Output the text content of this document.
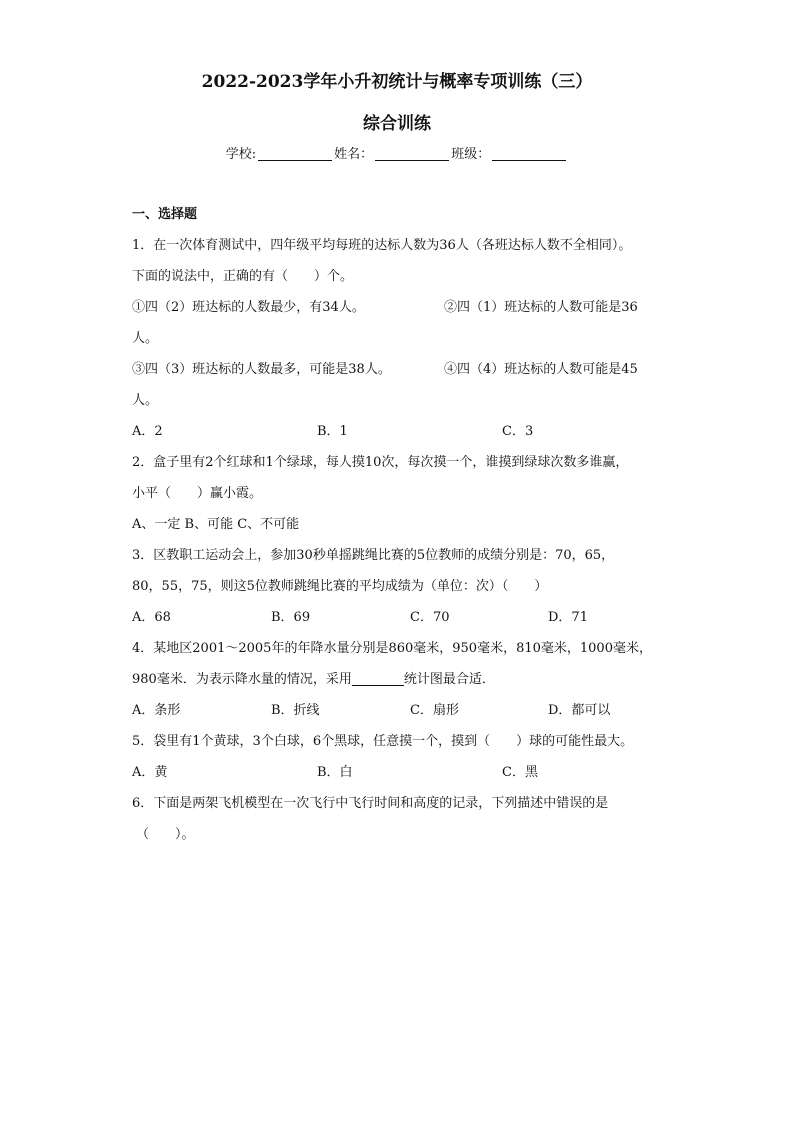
2022-2023学年小升初统计与概率专项训练（三）
综合训练
学校:	姓名：	班级：
一、选择题
1．在一次体育测试中，四年级平均每班的达标人数为36人（各班达标人数不全相同）。
下面的说法中，正确的有（　　）个。
①四（2）班达标的人数最少，有34人。	②四（1）班达标的人数可能是36
人。
③四（3）班达标的人数最多，可能是38人。	④四（4）班达标的人数可能是45
人。
A．2	B．1	C．3
2．盒子里有2个红球和1个绿球，每人摸10次，每次摸一个，谁摸到绿球次数多谁赢，
小平（　　）赢小霞。
A、一定 B、可能 C、不可能
3．区教职工运动会上，参加30秒单摇跳绳比赛的5位教师的成绩分别是：70，65，
80，55，75，则这5位教师跳绳比赛的平均成绩为（单位：次）（　　）
A．68	B．69	C．70	D．71
4．某地区2001～2005年的年降水量分别是860毫米，950毫米，810毫米，1000毫米，
980毫米．为表示降水量的情况，采用	统计图最合适．
A．条形	B．折线	C．扇形	D．都可以
5．袋里有1个黄球，3个白球，6个黑球，任意摸一个，摸到（　　）球的可能性最大。
A．黄	B．白	C．黑
6．下面是两架飞机模型在一次飞行中飞行时间和高度的记录，下列描述中错误的是
（　　）。
